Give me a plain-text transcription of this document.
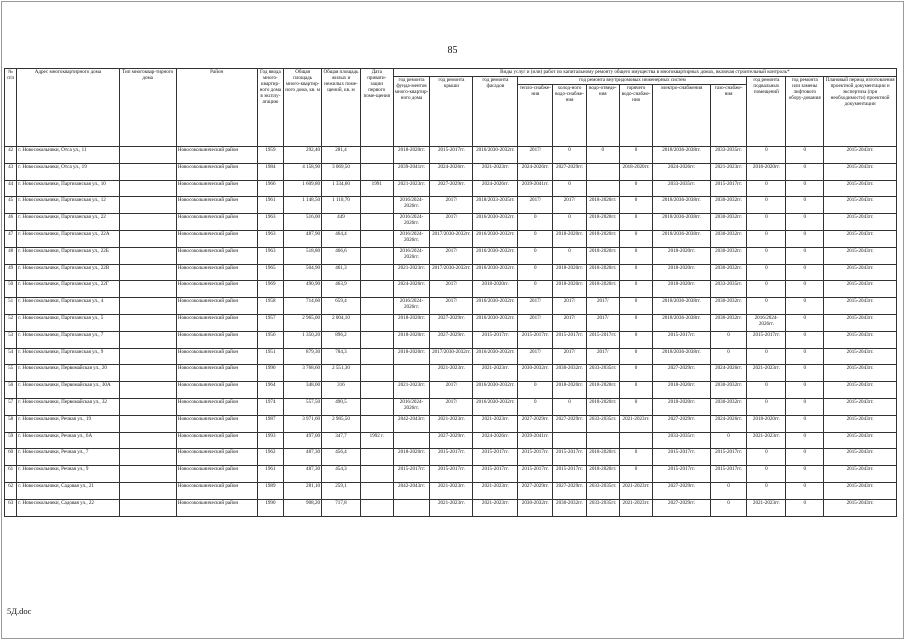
85
№ п/п	Адрес многоквартирного дома	Тип многоквар-тирного дома	Район	Год ввода много-квартир-ного дома в эксплу-атацию	Общая площадь много-квартир-ного дома, кв. м	Общая площадь жилых и нежилых поме-щений, кв. м	Дата привати-зации первого поме-щения	Виды услуг и (или) работ по капитальному ремонту общего имущества в многоквартирных домах, включая строительный контроль*											
								год ремонта фунда-ментов много-квартир-ного дома	год ремонта крыши	год ремонта фасадов	год ремонта внутридомовых инженерных систем						год ремонта подвальных помещений	год ремонта или замены лифтового обору-дования	Плановый период изготовления проектной документации и экспертиза (при необходимости) проектной документации
											тепло-снабже-ния	холод-ного водо-снабже-ния	водо-отведе-ния	горячего водо-снабже-ния	электро-снабжения	газо-снабже-ния			
42	г. Новосокольники, Отса ул., 11		Новосокольнический район	1959	292,40	281,4		2018-2020гг.	2015-2017гг.	2016/2030-2032гг.	2017/	0	0	0	2018/2036-2038гг.	2033-2035гг.	0	0	2015-2043гг.
43	г. Новосокольники, Отса ул., 19		Новосокольнический район	1984	4 158,90	3 069,50		2039-2041гг.	2024-2026гг.	2021-2023гг.	2024-2026гг.	2027-2029гг.		2018-2020гг.	2024-2026гг.	2021-2023гг.	2018-2020гг.	0	2015-2043гг.
44	г. Новосокольники, Партизанская ул., 10		Новосокольнический район	1966	1 609,80	1 334,60	1991	2021-2023гг.	2027-2029гг.	2024-2026гг.	2039-2041гг.	0		0	2033-2035гг.	2015-2017гг.	0	0	2015-2043гг.
45	г. Новосокольники, Партизанская ул., 12		Новосокольнический район	1961	1 148,50	1 110,70		2016/2024-2026гг.	2017/	2018/2033-2035гг.	2017/	2017/	2018-2020гг.	0	2018/2036-2038гг.	2030-2032гг.	0	0	2015-2043гг.
46	г. Новосокольники, Партизанская ул., 22		Новосокольнический район	1963	516,00	449		2016/2024-2026гг.	2017/	2016/2030-2032гг.	0	0	2018-2020гг.	0	2018/2036-2038гг.	2030-2032гг.	0	0	2015-2043гг.
47	г. Новосокольники, Партизанская ул., 22А		Новосокольнический район	1963	487,90	464,4		2016/2024-2026гг.	2017/2030-2032гг.	2016/2030-2032гг.	0	2018-2020гг.	2018-2020гг.	0	2018/2036-2038гг.	2030-2032гг.	0	0	2015-2043гг.
48	г. Новосокольники, Партизанская ул., 22Б		Новосокольнический район	1963	518,80	466,6		2016/2024-2026гг.	2017/	2016/2030-2032гг.	0	0	2018-2020гг.	0	2018-2020гг.	2030-2032гг.	0	0	2015-2043гг.
49	г. Новосокольники, Партизанская ул., 22В		Новосокольнический район	1965	504,90	461,3		2021-2023гг.	2017/2030-2032гг.	2016/2030-2032гг.	0	2018-2020гг.	2018-2020гг.	0	2018-2020гг.	2030-2032гг.	0	0	2015-2043гг.
50	г. Новосокольники, Партизанская ул., 22Г		Новосокольнический район	1969	490,90	463,9		2024-2026гг.	2017/	2018-2020гг.	0	2018-2020гг.	2018-2020гг.	0	2018-2020гг.	2033-2035гг.	0	0	2015-2043гг.
51	г. Новосокольники, Партизанская ул., 4		Новосокольнический район	1958	714,60	659,4		2016/2024-2026гг.	2017/	2016/2030-2032гг.	2017/	2017/	2017/	0	2018/2036-2038гг.	2030-2032гг.	0	0	2015-2043гг.
52	г. Новосокольники, Партизанская ул., 5		Новосокольнический район	1957	2 965,00	2 004,10		2018-2020гг.	2027-2029гг.	2016/2030-2032гг.	2017/	2017/	2017/	0	2018/2036-2038гг.	2030-2032гг.	2016/2024-2026гг.	0	2015-2043гг.
53	г. Новосокольники, Партизанская ул., 7		Новосокольнический район	1956	1 350,20	896,2		2018-2020гг.	2027-2029гг.	2015-2017гг.	2015-2017гг.	2015-2017гг.	2015-2017гг.	0	2015-2017гг.	0	2015-2017гг.	0	2015-2043гг.
54	г. Новосокольники, Партизанская ул., 9		Новосокольнический район	1951	879,30	784,3		2018-2020гг.	2017/2030-2032гг.	2016/2030-2032гг.	2017/	2017/	2017/	0	2018/2036-2038гг.	0	0	0	2015-2043гг.
55	г. Новосокольники, Первомайская ул., 20		Новосокольнический район	1990	3 768,60	2 551,30			2021-2023гг.	2021-2023гг.	2030-2032гг.	2030-2032гг.	2033-2035гг.	0	2027-2029гг.	2024-2026гг.	2021-2023гг.	0	2015-2043гг.
56	г. Новосокольники, Первомайская ул., 30А		Новосокольнический район	1964	348,00	316		2021-2023гг.	2017/	2016/2030-2032гг.	0	2018-2020гг.	2018-2020гг.	0	2018-2020гг.	2030-2032гг.	0	0	2015-2043гг.
57	г. Новосокольники, Первомайская ул., 32		Новосокольнический район	1974	557,50	490,5		2016/2024-2026гг.	2017/	2016/2030-2032гг.	0	0	2018-2020гг.	0	2018-2020гг.	2030-2032гг.	0	0	2015-2043гг.
58	г. Новосокольники, Речная ул., 19		Новосокольнический район	1987	3 971,60	2 985,50		2042-2043гг.	2021-2023гг.	2021-2023гг.	2027-2029гг.	2027-2029гг.	2033-2035гг.	2021-2023гг.	2027-2029гг.	2024-2026гг.	2018-2020гг.	0	2015-2043гг.
59	г. Новосокольники, Речная ул., 6А		Новосокольнический район	1993	497,00	347,7	1992 г.		2027-2029гг.	2024-2026гг.	2039-2041гг.				2033-2035гг.	0	2021-2023гг.	0	2015-2043гг.
60	г. Новосокольники, Речная ул., 7		Новосокольнический район	1962	487,30	456,4		2018-2020гг.	2015-2017гг.	2015-2017гг.	2015-2017гг.	2015-2017гг.	2018-2020гг.	0	2015-2017гг.	2015-2017гг.	0	0	2015-2043гг.
61	г. Новосокольники, Речная ул., 9		Новосокольнический район	1961	487,30	454,3		2015-2017гг.	2015-2017гг.	2015-2017гг.	2015-2017гг.	2015-2017гг.	2018-2020гг.	0	2015-2017гг.	2015-2017гг.	0	0	2015-2043гг.
62	г. Новосокольники, Садовая ул., 21		Новосокольнический район	1989	281,10	259,1		2042-2043гг.	2021-2023гг.	2021-2023гг.	2027-2029гг.	2027-2029гг.	2033-2035гг.	2021-2023гг.	2027-2029гг.	0	0	0	2015-2043гг.
63	г. Новосокольники, Садовая ул., 22		Новосокольнический район	1990	908,20	717,8			2021-2023гг.	2021-2023гг.	2030-2032гг.	2030-2032гг.	2033-2035гг.	2021-2023гг.	2027-2029гг.	0	2021-2023гг.	0	2015-2043гг.
5Д.doc
